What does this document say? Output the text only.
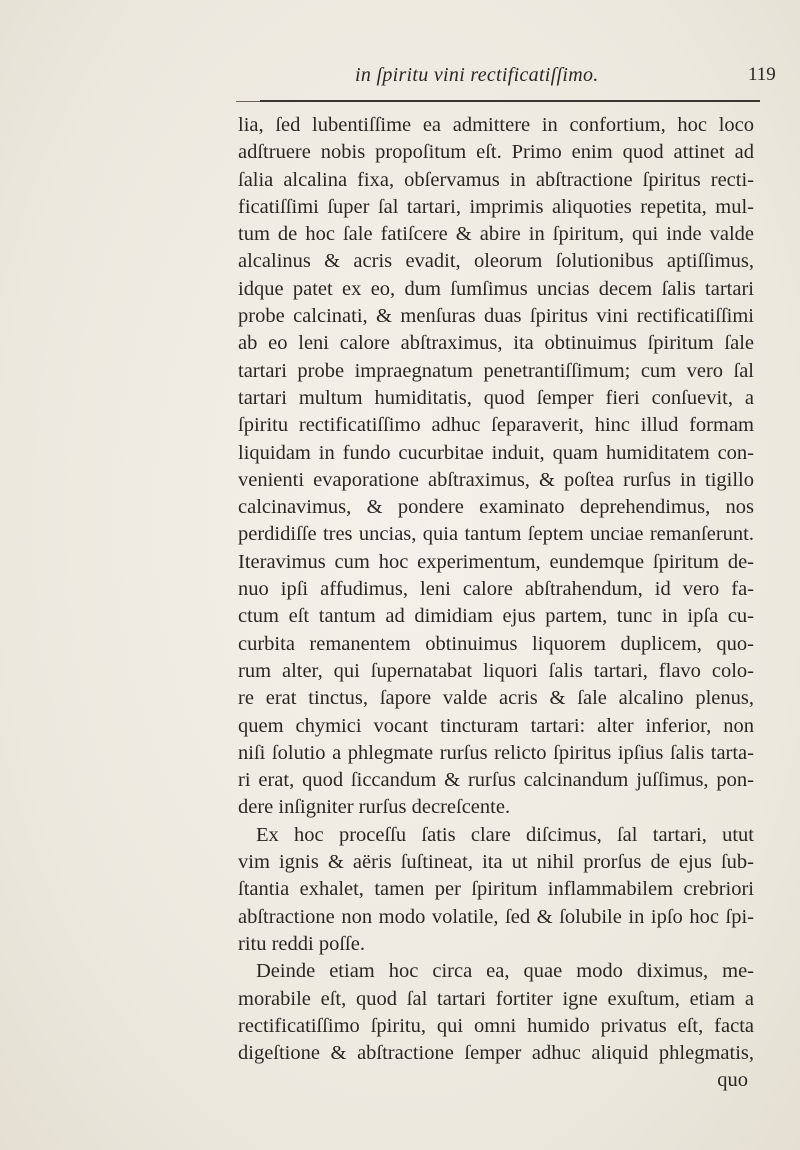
in ſpiritu vini rectificatiſſimo.	119
lia, ſed lubentiſſime ea admittere in confortium, hoc loco
adſtruere nobis propoſitum eſt. Primo enim quod attinet ad
ſalia alcalina fixa, obſervamus in abſtractione ſpiritus recti-
ficatiſſimi ſuper ſal tartari, imprimis aliquoties repetita, mul-
tum de hoc ſale fatiſcere & abire in ſpiritum, qui inde valde
alcalinus & acris evadit, oleorum ſolutionibus aptiſſimus,
idque patet ex eo, dum ſumſimus uncias decem ſalis tartari
probe calcinati, & menſuras duas ſpiritus vini rectificatiſſimi
ab eo leni calore abſtraximus, ita obtinuimus ſpiritum ſale
tartari probe impraegnatum penetrantiſſimum; cum vero ſal
tartari multum humiditatis, quod ſemper fieri conſuevit, a
ſpiritu rectificatiſſimo adhuc ſeparaverit, hinc illud formam
liquidam in fundo cucurbitae induit, quam humiditatem con-
venienti evaporatione abſtraximus, & poſtea rurſus in tigillo
calcinavimus, & pondere examinato deprehendimus, nos
perdidiſſe tres uncias, quia tantum ſeptem unciae remanſerunt.
Iteravimus cum hoc experimentum, eundemque ſpiritum de-
nuo ipſi affudimus, leni calore abſtrahendum, id vero fa-
ctum eſt tantum ad dimidiam ejus partem, tunc in ipſa cu-
curbita remanentem obtinuimus liquorem duplicem, quo-
rum alter, qui ſupernatabat liquori ſalis tartari, flavo colo-
re erat tinctus, ſapore valde acris & ſale alcalino plenus,
quem chymici vocant tincturam tartari: alter inferior, non
niſi ſolutio a phlegmate rurſus relicto ſpiritus ipſius ſalis tarta-
ri erat, quod ſiccandum & rurſus calcinandum juſſimus, pon-
dere inſigniter rurſus decreſcente.
Ex hoc proceſſu ſatis clare diſcimus, ſal tartari, utut
vim ignis & aëris ſuſtineat, ita ut nihil prorſus de ejus ſub-
ſtantia exhalet, tamen per ſpiritum inflammabilem crebriori
abſtractione non modo volatile, ſed & ſolubile in ipſo hoc ſpi-
ritu reddi poſſe.
Deinde etiam hoc circa ea, quae modo diximus, me-
morabile eſt, quod ſal tartari fortiter igne exuſtum, etiam a
rectificatiſſimo ſpiritu, qui omni humido privatus eſt, facta
digeſtione & abſtractione ſemper adhuc aliquid phlegmatis,
quo
